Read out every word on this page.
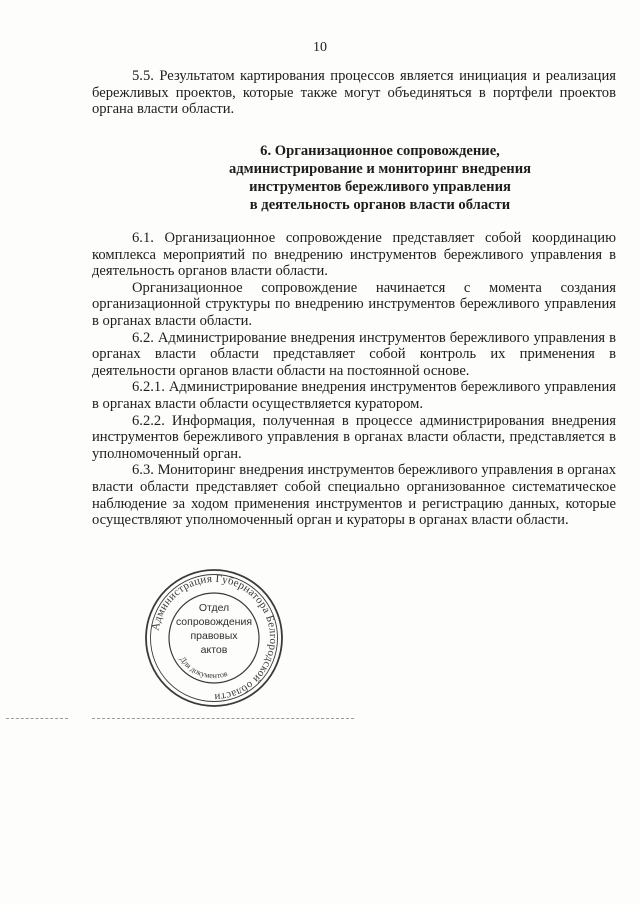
10

5.5. Результатом картирования процессов является инициация и реализация бережливых проектов, которые также могут объединяться в портфели проектов органа власти области.

6. Организационное сопровождение,
администрирование и мониторинг внедрения
инструментов бережливого управления
в деятельность органов власти области

6.1. Организационное сопровождение представляет собой координацию комплекса мероприятий по внедрению инструментов бережливого управления в деятельность органов власти области.

Организационное сопровождение начинается с момента создания организационной структуры по внедрению инструментов бережливого управления в органах власти области.

6.2. Администрирование внедрения инструментов бережливого управления в органах власти области представляет собой контроль их применения в деятельности органов власти области на постоянной основе.

6.2.1. Администрирование внедрения инструментов бережливого управления в органах власти области осуществляется куратором.

6.2.2. Информация, полученная в процессе администрирования внедрения инструментов бережливого управления в органах власти области, представляется в уполномоченный орган.

6.3. Мониторинг внедрения инструментов бережливого управления в органах власти области представляет собой специально организованное систематическое наблюдение за ходом применения инструментов и регистрацию данных, которые осуществляют уполномоченный орган и кураторы в органах власти области.

Администрация Губернатора Белгородской области
Для документов
Отдел
сопровождения
правовых
актов
